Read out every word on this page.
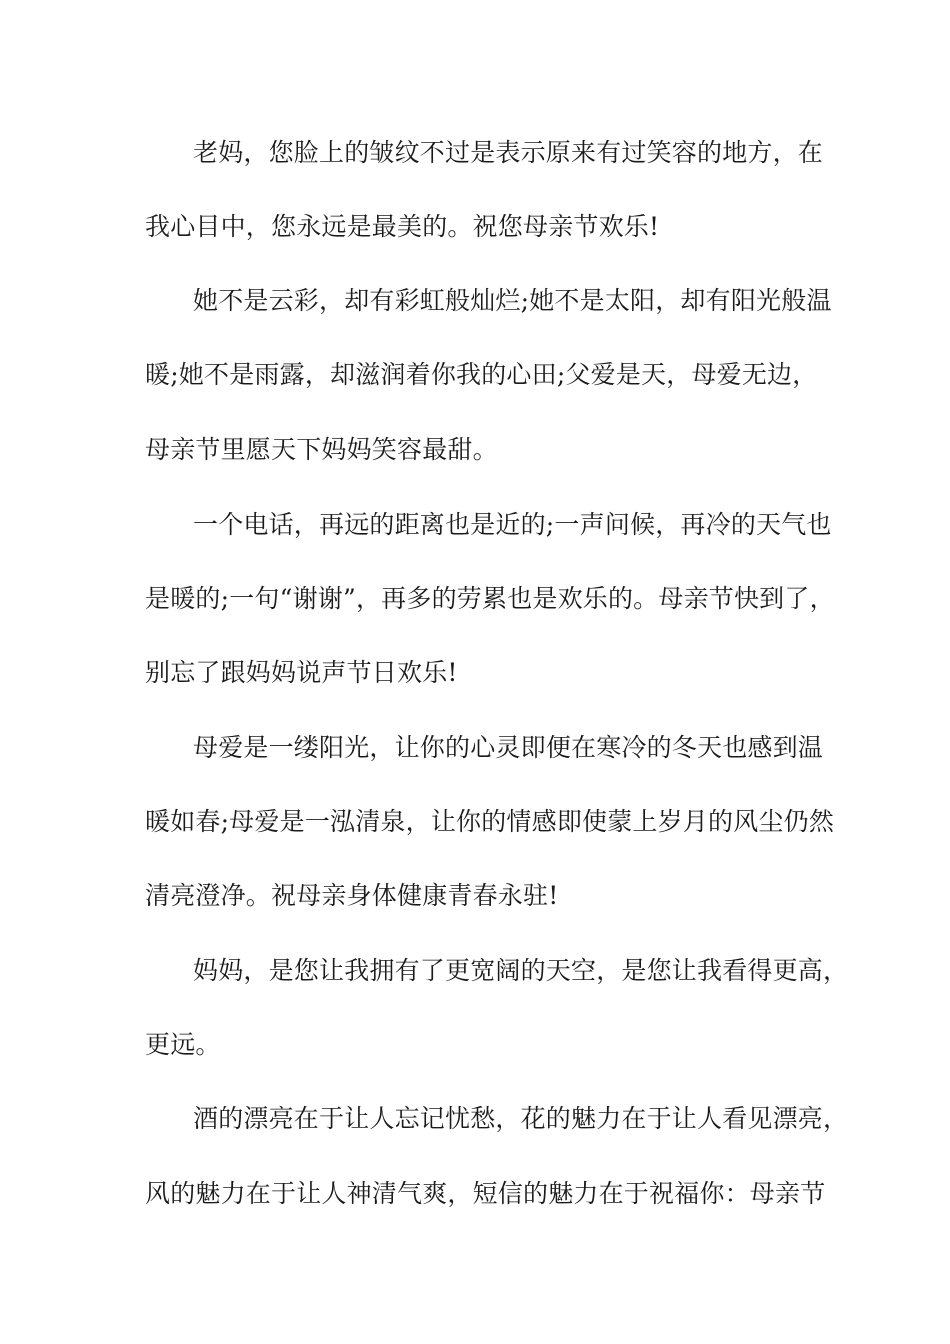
老妈，您脸上的皱纹不过是表示原来有过笑容的地方，在
我心目中，您永远是最美的。祝您母亲节欢乐!
她不是云彩，却有彩虹般灿烂;她不是太阳，却有阳光般温
暖;她不是雨露，却滋润着你我的心田;父爱是天，母爱无边，
母亲节里愿天下妈妈笑容最甜。
一个电话，再远的距离也是近的;一声问候，再冷的天气也
是暖的;一句“谢谢”，再多的劳累也是欢乐的。母亲节快到了，
别忘了跟妈妈说声节日欢乐!
母爱是一缕阳光，让你的心灵即便在寒冷的冬天也感到温
暖如春;母爱是一泓清泉，让你的情感即使蒙上岁月的风尘仍然
清亮澄净。祝母亲身体健康青春永驻!
妈妈，是您让我拥有了更宽阔的天空，是您让我看得更高，
更远。
酒的漂亮在于让人忘记忧愁，花的魅力在于让人看见漂亮，
风的魅力在于让人神清气爽，短信的魅力在于祝福你：母亲节
